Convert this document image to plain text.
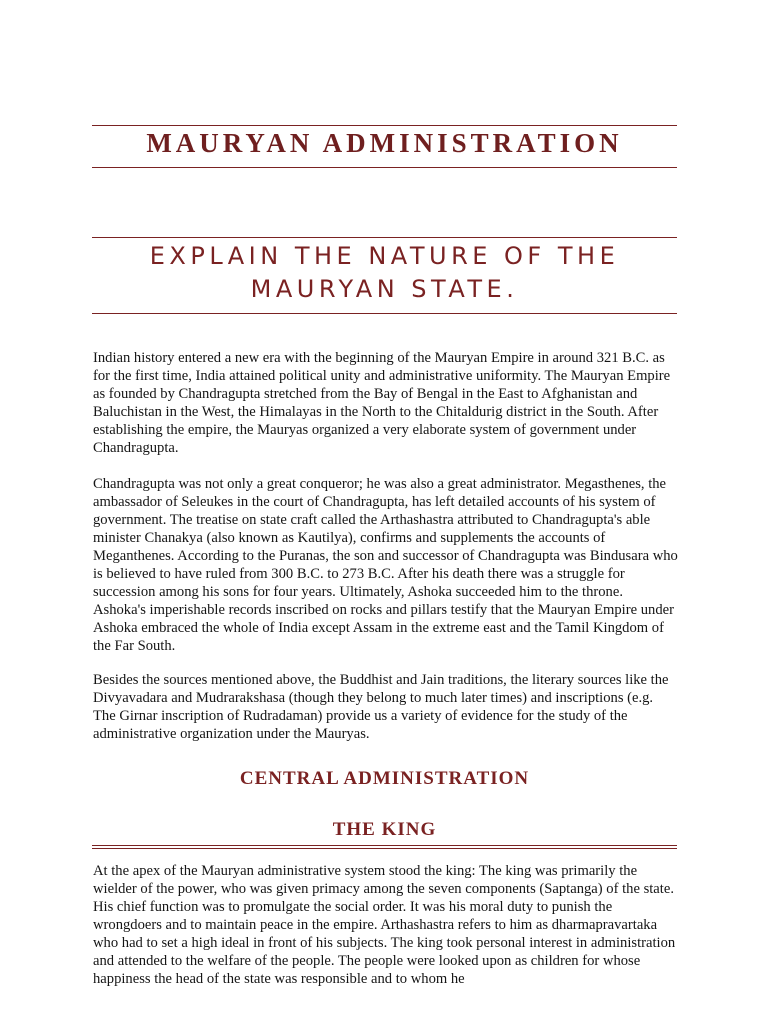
MAURYAN ADMINISTRATION
EXPLAIN THE NATURE OF THE
MAURYAN STATE.
Indian history entered a new era with the beginning of the Mauryan Empire in around 321 B.C. as for the first time, India attained political unity and administrative uniformity. The Mauryan Empire as founded by Chandragupta stretched from the Bay of Bengal in the East to Afghanistan and Baluchistan in the West, the Himalayas in the North to the Chitaldurig district in the South. After establishing the empire, the Mauryas organized a very elaborate system of government under Chandragupta.
Chandragupta was not only a great conqueror; he was also a great administrator. Megasthenes, the ambassador of Seleukes in the court of Chandragupta, has left detailed accounts of his system of government. The treatise on state craft called the Arthashastra attributed to Chandragupta's able minister Chanakya (also known as Kautilya), confirms and supplements the accounts of Meganthenes. According to the Puranas, the son and successor of Chandragupta was Bindusara who is believed to have ruled from 300 B.C. to 273 B.C. After his death there was a struggle for succession among his sons for four years. Ultimately, Ashoka succeeded him to the throne. Ashoka's imperishable records inscribed on rocks and pillars testify that the Mauryan Empire under Ashoka embraced the whole of India except Assam in the extreme east and the Tamil Kingdom of the Far South.
Besides the sources mentioned above, the Buddhist and Jain traditions, the literary sources like the Divyavadara and Mudrarakshasa (though they belong to much later times) and inscriptions (e.g. The Girnar inscription of Rudradaman) provide us a variety of evidence for the study of the administrative organization under the Mauryas.
CENTRAL ADMINISTRATION
THE KING
At the apex of the Mauryan administrative system stood the king: The king was primarily the wielder of the power, who was given primacy among the seven components (Saptanga) of the state. His chief function was to promulgate the social order. It was his moral duty to punish the wrongdoers and to maintain peace in the empire. Arthashastra refers to him as dharmapravartaka who had to set a high ideal in front of his subjects. The king took personal interest in administration and attended to the welfare of the people. The people were looked upon as children for whose happiness the head of the state was responsible and to whom he
